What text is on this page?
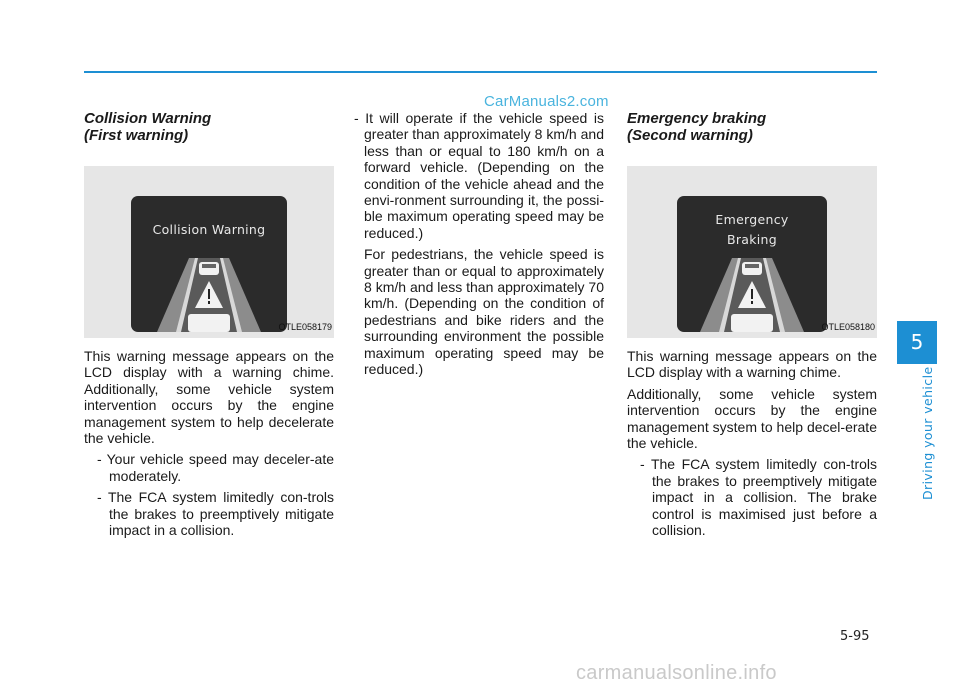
CarManuals2.com
Collision Warning
(First warning)
Collision Warning
OTLE058179

This warning message appears on the LCD display with a warning chime. Additionally, some vehicle system intervention occurs by the engine management system to help decelerate the vehicle.

- Your vehicle speed may deceler-ate moderately.

- The FCA system limitedly con-trols the brakes to preemptively mitigate impact in a collision.

- It will operate if the vehicle speed is greater than approximately 8 km/h and less than or equal to 180 km/h on a forward vehicle. (Depending on the condition of the vehicle ahead and the envi-ronment surrounding it, the possi-ble maximum operating speed may be reduced.)

For pedestrians, the vehicle speed is greater than or equal to approximately 8 km/h and less than approximately 70 km/h. (Depending on the condition of pedestrians and bike riders and the surrounding environment the possible maximum operating speed may be reduced.)

Emergency braking
(Second warning)
Emergency
Braking
OTLE058180

This warning message appears on the LCD display with a warning chime.

Additionally, some vehicle system intervention occurs by the engine management system to help decel-erate the vehicle.

- The FCA system limitedly con-trols the brakes to preemptively mitigate impact in a collision. The brake control is maximised just before a collision.

5
Driving your vehicle
5-95
carmanualsonline.info
